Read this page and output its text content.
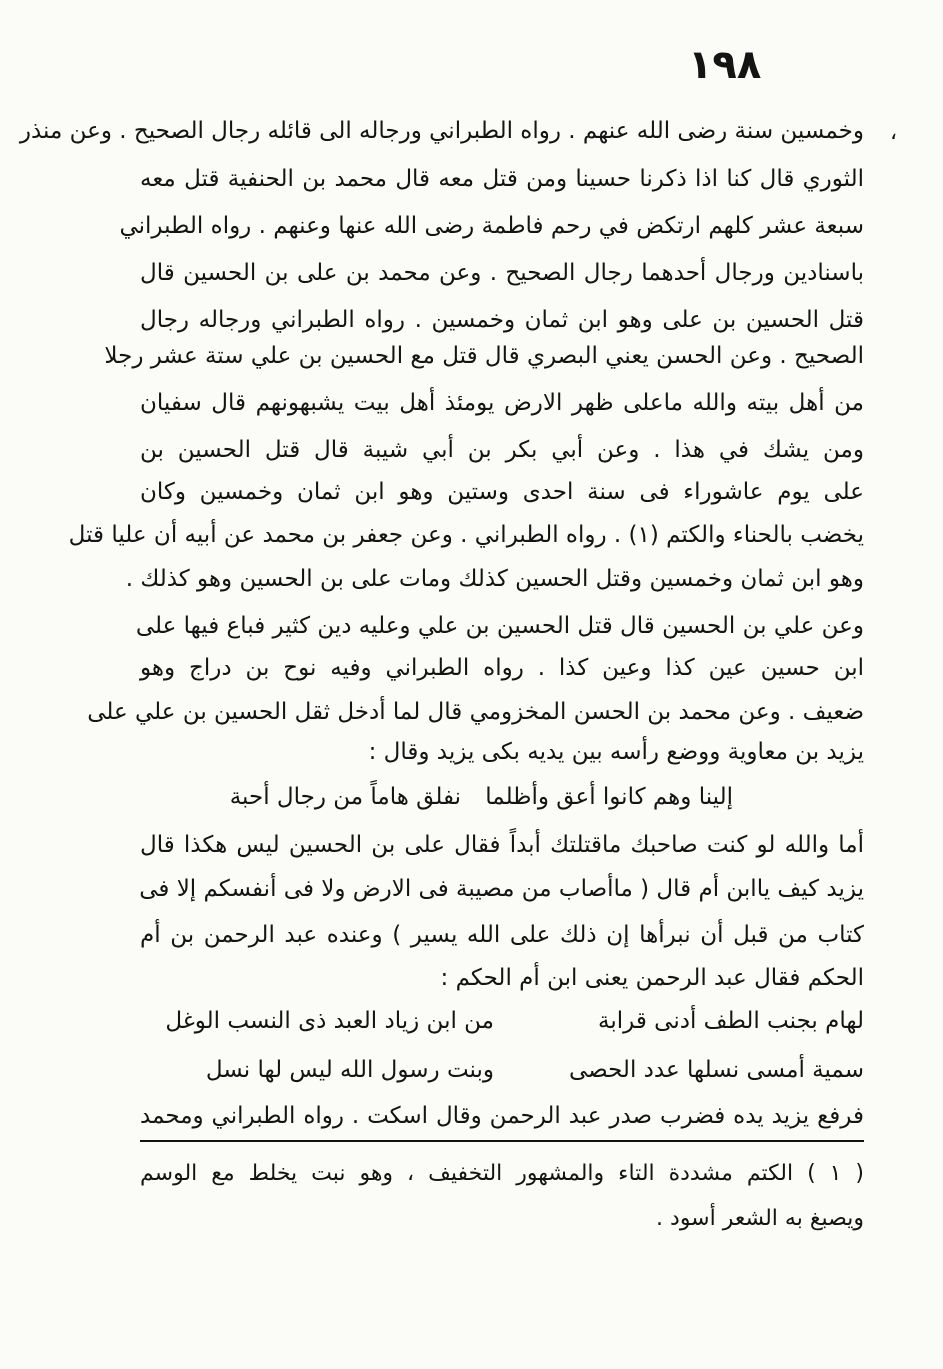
١٩٨
،
وخمسين سنة رضى الله عنهم . رواه الطبراني ورجاله الى قائله رجال الصحيح . وعن منذر
الثوري قال كنا اذا ذكرنا حسينا ومن قتل معه قال محمد بن الحنفية قتل معه
سبعة عشر كلهم ارتكض في رحم فاطمة رضى الله عنها وعنهم . رواه الطبراني
باسنادين ورجال أحدهما رجال الصحيح . وعن محمد بن على بن الحسين قال
قتل الحسين بن على وهو ابن ثمان وخمسين . رواه الطبراني ورجاله رجال
الصحيح . وعن الحسن يعني البصري قال قتل مع الحسين بن علي ستة عشر رجلا
من أهل بيته والله ماعلى ظهر الارض يومئذ أهل بيت يشبهونهم قال سفيان
ومن يشك في هذا . وعن أبي بكر بن أبي شيبة قال قتل الحسين بن
على يوم عاشوراء فى سنة احدى وستين وهو ابن ثمان وخمسين وكان
يخضب بالحناء والكتم (١) . رواه الطبراني . وعن جعفر بن محمد عن أبيه أن عليا قتل
وهو ابن ثمان وخمسين وقتل الحسين كذلك ومات على بن الحسين وهو كذلك .
وعن علي بن الحسين قال قتل الحسين بن علي وعليه دين كثير فباع فيها على
ابن حسين عين كذا وعين كذا . رواه الطبراني وفيه نوح بن دراج وهو
ضعيف . وعن محمد بن الحسن المخزومي قال لما أدخل ثقل الحسين بن علي على
يزيد بن معاوية ووضع رأسه بين يديه بكى يزيد وقال :
نفلق هاماً من رجال أحبة إلينا وهم كانوا أعق وأظلما
أما والله لو كنت صاحبك ماقتلتك أبداً فقال على بن الحسين ليس هكذا قال
يزيد كيف ياابن أم قال ( ماأصاب من مصيبة فى الارض ولا فى أنفسكم إلا فى
كتاب من قبل أن نبرأها إن ذلك على الله يسير ) وعنده عبد الرحمن بن أم
الحكم فقال عبد الرحمن يعنى ابن أم الحكم :
لهام بجنب الطف أدنى قرابة
من ابن زياد العبد ذى النسب الوغل
سمية أمسى نسلها عدد الحصى
وبنت رسول الله ليس لها نسل
فرفع يزيد يده فضرب صدر عبد الرحمن وقال اسكت . رواه الطبراني ومحمد
( ١ ) الكتم مشددة التاء والمشهور التخفيف ، وهو نبت يخلط مع الوسم
ويصبغ به الشعر أسود .
